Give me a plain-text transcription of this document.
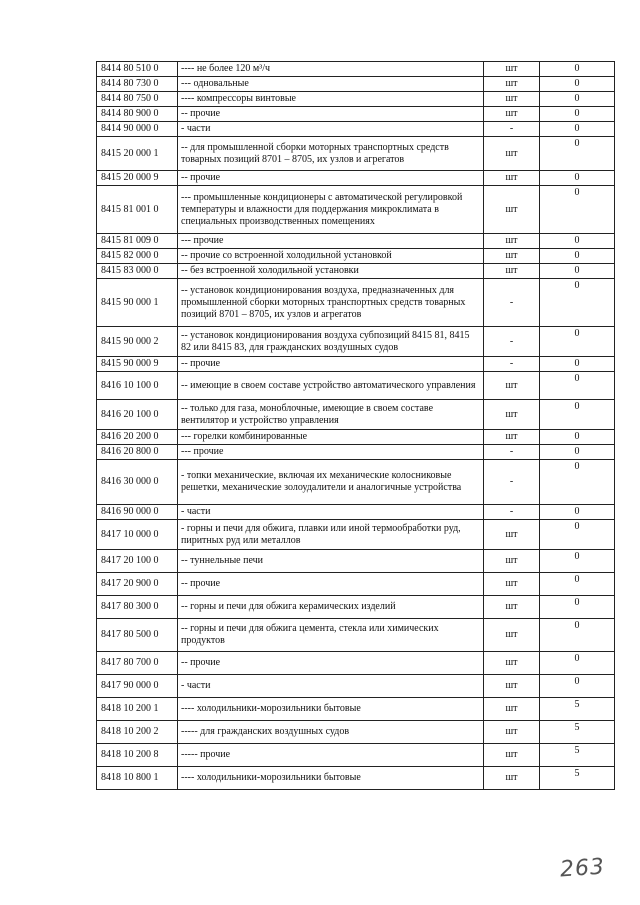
8414 80 510 0	---- не более 120 м³/ч	шт	0
8414 80 730 0	--- одновальные	шт	0
8414 80 750 0	---- компрессоры винтовые	шт	0
8414 80 900 0	-- прочие	шт	0
8414 90 000 0	- части	-	0
8415 20 000 1	-- для промышленной сборки моторных транспортных средств товарных позиций 8701 – 8705, их узлов и агрегатов	шт	0
8415 20 000 9	-- прочие	шт	0
8415 81 001 0	--- промышленные кондиционеры с автоматической регулировкой температуры и влажности для поддержания микроклимата в специальных производственных помещениях	шт	0
8415 81 009 0	--- прочие	шт	0
8415 82 000 0	-- прочие со встроенной холодильной установкой	шт	0
8415 83 000 0	-- без встроенной холодильной установки	шт	0
8415 90 000 1	-- установок кондиционирования воздуха, предназначенных для промышленной сборки моторных транспортных средств товарных позиций 8701 – 8705, их узлов и агрегатов	-	0
8415 90 000 2	-- установок кондиционирования воздуха субпозиций 8415 81, 8415 82 или 8415 83, для гражданских воздушных судов	-	0
8415 90 000 9	-- прочие	-	0
8416 10 100 0	-- имеющие в своем составе устройство автоматического управления	шт	0
8416 20 100 0	-- только для газа, моноблочные, имеющие в своем составе вентилятор и устройство управления	шт	0
8416 20 200 0	--- горелки комбинированные	шт	0
8416 20 800 0	--- прочие	-	0
8416 30 000 0	- топки механические, включая их механические колосниковые решетки, механические золоудалители и аналогичные устройства	-	0
8416 90 000 0	- части	-	0
8417 10 000 0	- горны и печи для обжига, плавки или иной термообработки руд, пиритных руд или металлов	шт	0
8417 20 100 0	-- туннельные печи	шт	0
8417 20 900 0	-- прочие	шт	0
8417 80 300 0	-- горны и печи для обжига керамических изделий	шт	0
8417 80 500 0	-- горны и печи для обжига цемента, стекла или химических продуктов	шт	0
8417 80 700 0	-- прочие	шт	0
8417 90 000 0	- части	шт	0
8418 10 200 1	---- холодильники-морозильники бытовые	шт	5
8418 10 200 2	----- для гражданских воздушных судов	шт	5
8418 10 200 8	----- прочие	шт	5
8418 10 800 1	---- холодильники-морозильники бытовые	шт	5
263
